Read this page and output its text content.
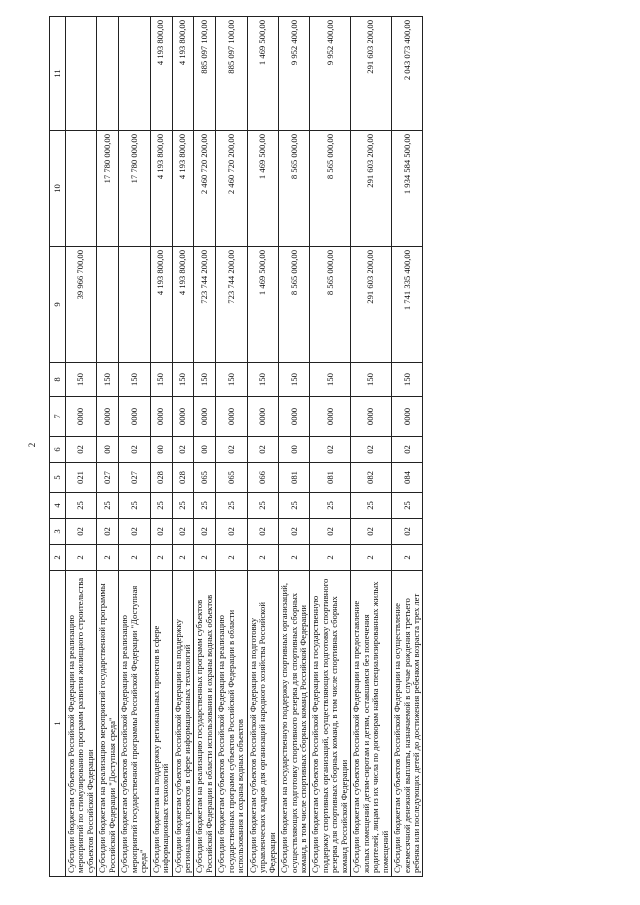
2
1	2	3	4	5	6	7	8	9	10	11
Субсидии бюджетам субъектов Российской Федерации на реализацию мероприятий по стимулированию программ развития жилищного строительства субъектов Российской Федерации	2	02	25	021	02	0000	150	39 966 700,00		
Субсидии бюджетам на реализацию мероприятий государственной программы Российской Федерации "Доступная среда"	2	02	25	027	00	0000	150		17 780 000,00	
Субсидии бюджетам субъектов Российской Федерации на реализацию мероприятий государственной программы Российской Федерации "Доступная среда"	2	02	25	027	02	0000	150		17 780 000,00	
Субсидии бюджетам на поддержку региональных проектов в сфере информационных технологий	2	02	25	028	00	0000	150	4 193 800,00	4 193 800,00	4 193 800,00
Субсидии бюджетам субъектов Российской Федерации на поддержку региональных проектов в сфере информационных технологий	2	02	25	028	02	0000	150	4 193 800,00	4 193 800,00	4 193 800,00
Субсидии бюджетам на реализацию государственных программ субъектов Российской Федерации в области использования и охраны водных объектов	2	02	25	065	00	0000	150	723 744 200,00	2 460 720 200,00	885 097 100,00
Субсидии бюджетам субъектов Российской Федерации на реализацию государственных программ субъектов Российской Федерации в области использования и охраны водных объектов	2	02	25	065	02	0000	150	723 744 200,00	2 460 720 200,00	885 097 100,00
Субсидии бюджетам субъектов Российской Федерации на подготовку управленческих кадров для организаций народного хозяйства Российской Федерации	2	02	25	066	02	0000	150	1 469 500,00	1 469 500,00	1 469 500,00
Субсидии бюджетам на государственную поддержку спортивных организаций, осуществляющих подготовку спортивного резерва для спортивных сборных команд, в том числе спортивных сборных команд Российской Федерации	2	02	25	081	00	0000	150	8 565 000,00	8 565 000,00	9 952 400,00
Субсидии бюджетам субъектов Российской Федерации на государственную поддержку спортивных организаций, осуществляющих подготовку спортивного резерва для спортивных сборных команд, в том числе спортивных сборных команд Российской Федерации	2	02	25	081	02	0000	150	8 565 000,00	8 565 000,00	9 952 400,00
Субсидии бюджетам субъектов Российской Федерации на предоставление жилых помещений детям-сиротам и детям, оставшимся без попечения родителей, лицам из их числа по договорам найма специализированных жилых помещений	2	02	25	082	02	0000	150	291 603 200,00	291 603 200,00	291 603 200,00
Субсидии бюджетам субъектов Российской Федерации на осуществление ежемесячной денежной выплаты, назначаемой в случае рождения третьего ребенка или последующих детей до достижения ребенком возраста трех лет	2	02	25	084	02	0000	150	1 741 335 400,00	1 934 584 500,00	2 043 073 400,00
